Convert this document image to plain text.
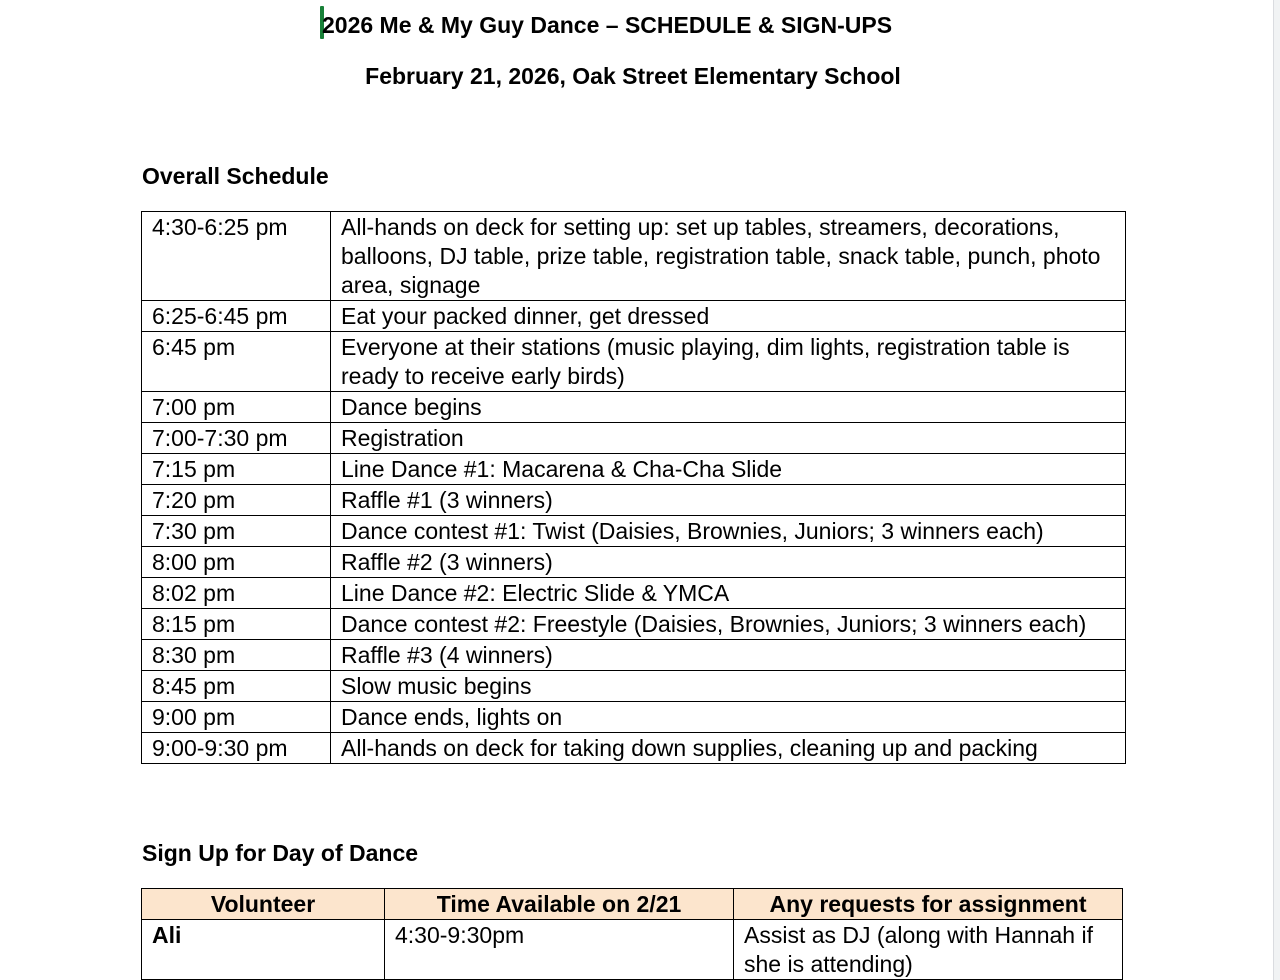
2026 Me & My Guy Dance – SCHEDULE & SIGN-UPS
February 21, 2026, Oak Street Elementary School
Overall Schedule
4:30-6:25 pm	All-hands on deck for setting up: set up tables, streamers, decorations, balloons, DJ table, prize table, registration table, snack table, punch, photo area, signage
6:25-6:45 pm	Eat your packed dinner, get dressed
6:45 pm	Everyone at their stations (music playing, dim lights, registration table is ready to receive early birds)
7:00 pm	Dance begins
7:00-7:30 pm	Registration
7:15 pm	Line Dance #1: Macarena & Cha-Cha Slide
7:20 pm	Raffle #1 (3 winners)
7:30 pm	Dance contest #1: Twist (Daisies, Brownies, Juniors; 3 winners each)
8:00 pm	Raffle #2 (3 winners)
8:02 pm	Line Dance #2: Electric Slide & YMCA
8:15 pm	Dance contest #2: Freestyle (Daisies, Brownies, Juniors; 3 winners each)
8:30 pm	Raffle #3 (4 winners)
8:45 pm	Slow music begins
9:00 pm	Dance ends, lights on
9:00-9:30 pm	All-hands on deck for taking down supplies, cleaning up and packing
Sign Up for Day of Dance
Volunteer	Time Available on 2/21	Any requests for assignment
Ali	4:30-9:30pm	Assist as DJ (along with Hannah if she is attending)
